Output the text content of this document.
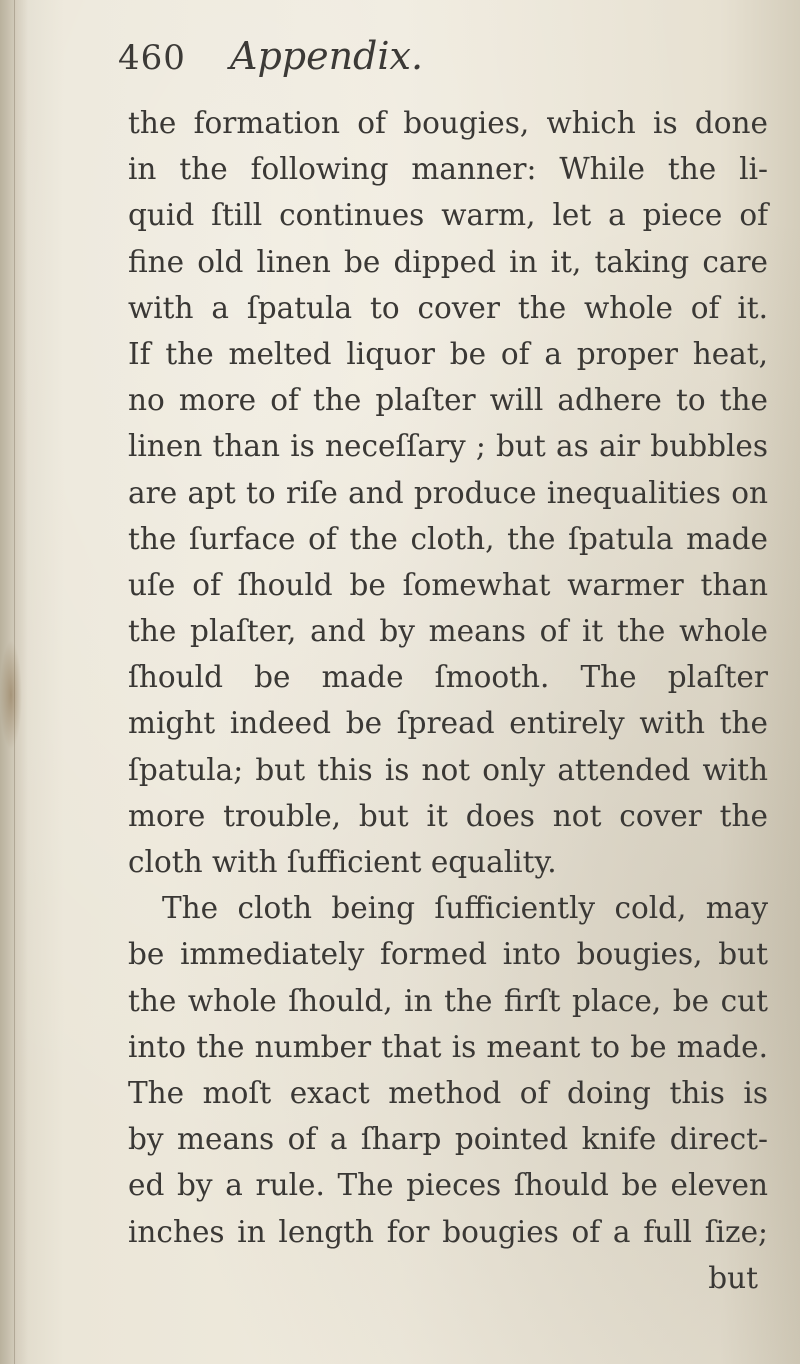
460 Appendix.
the formation of bougies, which is done
in the following manner: While the li-
quid ſtill continues warm, let a piece of
fine old linen be dipped in it, taking care
with a ſpatula to cover the whole of it.
If the melted liquor be of a proper heat,
no more of the plaſter will adhere to the
linen than is neceſſary ; but as air bubbles
are apt to riſe and produce inequalities on
the ſurface of the cloth, the ſpatula made
uſe of ſhould be ſomewhat warmer than
the plaſter, and by means of it the whole
ſhould be made ſmooth. The plaſter
might indeed be ſpread entirely with the
ſpatula; but this is not only attended with
more trouble, but it does not cover the
cloth with ſufficient equality.
The cloth being ſufficiently cold, may
be immediately formed into bougies, but
the whole ſhould, in the firſt place, be cut
into the number that is meant to be made.
The moſt exact method of doing this is
by means of a ſharp pointed knife direct-
ed by a rule. The pieces ſhould be eleven
inches in length for bougies of a full ſize;
but
